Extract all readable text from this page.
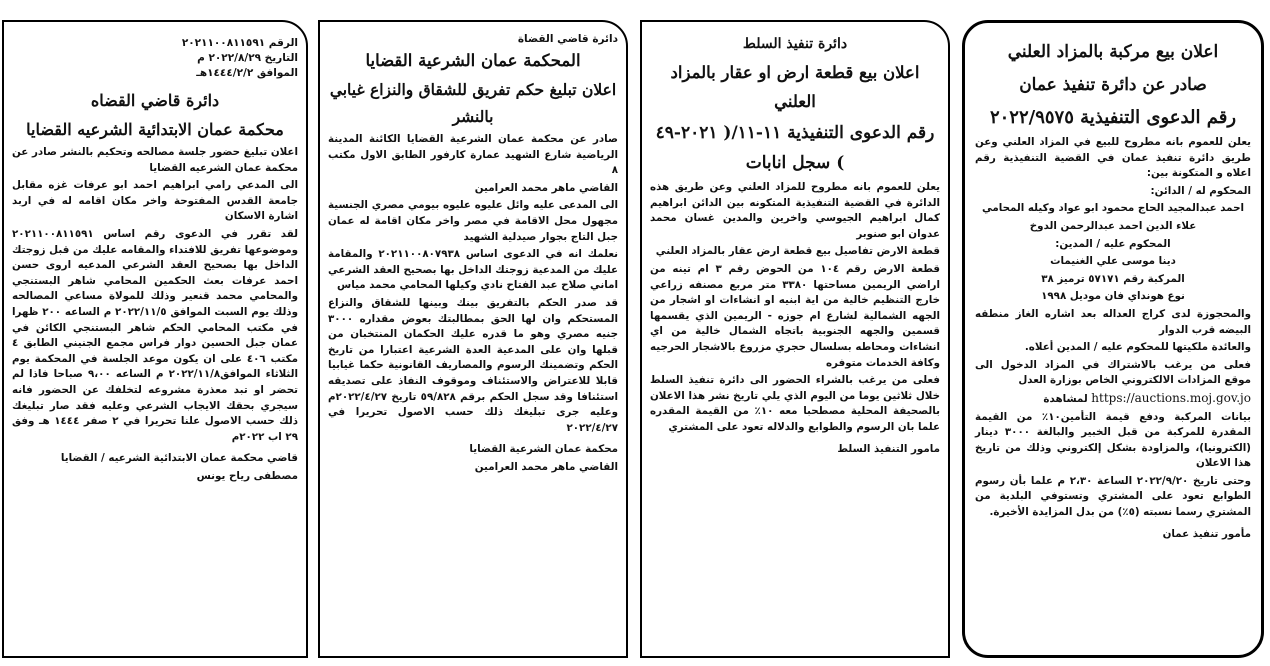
اعلان بيع مركبة بالمزاد العلني

صادر عن دائرة تنفيذ عمان

رقم الدعوى التنفيذية ٢٠٢٢/٩٥٧٥

يعلن للعموم بانه مطروح للبيع في المزاد العلني وعن طريق دائرة تنفيذ عمان في القضية التنفيذية رقم اعلاه و المتكونة بين:

المحكوم له / الدائن:

احمد عبدالمجيد الحاج محمود ابو عواد وكيله المحامي

علاء الدين احمد عبدالرحمن الدوخ

المحكوم عليه / المدين:

دينا موسى علي الغنيمات

المركبة رقم ٥٧١٧١ ترميز ٣٨

نوع هونداي فان موديل ١٩٩٨

والمحجوزة لدى كراج العداله بعد اشاره الغاز منطقه البيضه قرب الدوار

والعائدة ملكيتها للمحكوم عليه / المدين أعلاه.

فعلى من يرغب بالاشتراك في المزاد الدخول الى موقع المزادات الالكتروني الخاص بوزارة العدل

https://auctions.moj.gov.jo لمشاهدة

بيانات المركبة ودفع قيمة التأمين١٠٪ من القيمة المقدرة للمركبة من قبل الخبير والبالغة ٣٠٠٠ دينار (الكترونيا)، والمزاودة بشكل إلكتروني وذلك من تاريخ هذا الاعلان

وحتى تاريخ ٢٠٢٢/٩/٢٠ الساعة ٢،٣٠ م علما بأن رسوم الطوابع تعود على المشتري وتستوفي البلدية من المشتري رسما نسبته (٥٪) من بدل المزايدة الأخيرة.

مأمور تنفيذ عمان

دائرة تنفيذ السلط

اعلان بيع قطعة ارض او عقار بالمزاد العلني

رقم الدعوى التنفيذية ١١-١١/( ٢٠٢١-٤٩ ) سجل انابات

يعلن للعموم بانه مطروح للمزاد العلني وعن طريق هذه الدائرة في القضية التنفيذية المتكونه بين الدائن ابراهيم كمال ابراهيم الجيوسي واخرين والمدين غسان محمد عدوان ابو صنوبر

قطعة الارض تفاصيل بيع قطعة ارض عقار بالمزاد العلني

قطعة الارض رقم ١٠٤ من الحوض رقم ٣ ام تينه من اراضي الريمين مساحتها ٣٣٨٠ متر مربع مصنفه زراعي خارج التنظيم خالية من اية ابنيه او انشاءات او اشجار من الجهه الشمالية لشارع ام جوزه - الريمين الذي يقسمها قسمين والجهه الجنوبية باتجاه الشمال خالية من اي انشاءات ومحاطه بسلسال حجري مزروع بالاشجار الحرجيه وكافة الخدمات متوفره

فعلى من يرغب بالشراء الحضور الى دائرة تنفيذ السلط خلال ثلاثين يوما من اليوم الذي يلي تاريخ نشر هذا الاعلان بالصحيفة المحلية مصطحبا معه ١٠٪ من القيمة المقدره علما بان الرسوم والطوابع والدلاله تعود على المشتري

مامور التنفيذ السلط

دائرة قاضي القضاة

المحكمة عمان الشرعية القضايا

اعلان تبليغ حكم تفريق للشقاق والنزاع غيابي بالنشر

صادر عن محكمة عمان الشرعية القضايا الكائنة المدينة الرياضية شارع الشهيد عمارة كارفور الطابق الاول مكتب ٨

القاضي ماهر محمد العرامين

الى المدعى عليه وائل عليوه عليوه بيومي مصري الجنسية مجهول محل الاقامة في مصر واخر مكان اقامة له عمان جبل التاج بجوار صيدلية الشهيد

نعلمك انه في الدعوى اساس ٢٠٢١١٠٠٨٠٧٩٣٨ والمقامة عليك من المدعية زوجتك الداخل بها بصحيح العقد الشرعي اماني صلاح عبد الفتاح نادي وكيلها المحامي محمد مياس

قد صدر الحكم بالتفريق بينك وبينها للشقاق والنزاع المستحكم وان لها الحق بمطالبتك بعوض مقداره ٣٠٠٠ جنيه مصري وهو ما قدره عليك الحكمان المنتخبان من قبلها وان على المدعية العدة الشرعية اعتبارا من تاريخ الحكم وتضمينك الرسوم والمصاريف القانونية حكما غيابيا قابلا للاعتراض والاستئناف وموقوف النفاذ على تصديقه استئنافا وقد سجل الحكم برقم ٥٩/٨٢٨ تاريخ ٢٠٢٢/٤/٢٧م وعليه جرى تبليغك ذلك حسب الاصول تحريرا في ٢٠٢٢/٤/٢٧

محكمة عمان الشرعية القضايا

القاضي ماهر محمد العرامين

الرقم ٢٠٢١١٠٠٨١١٥٩١

التاريخ ٢٠٢٢/٨/٢٩ م

الموافق ١٤٤٤/٢/٢هـ

دائرة قاضي القضاه

محكمة عمان الابتدائية الشرعيه القضايا

اعلان تبليغ حضور جلسة مصالحه وتحكيم بالنشر صادر عن محكمة عمان الشرعيه القضايا

الى المدعي رامي ابراهيم احمد ابو عرفات غزه مقابل جامعة القدس المفتوحة واخر مكان اقامه له في اربد اشارة الاسكان

لقد تقرر في الدعوى رقم اساس ٢٠٢١١٠٠٨١١٥٩١ وموضوعها تفريق للافتداء والمقامه عليك من قبل زوجتك الداخل بها بصحيح العقد الشرعي المدعيه اروى حسن احمد عرفات بعث الحكمين المحامي شاهر البستنجي والمحامي محمد قنعير وذلك للمولاة مساعي المصالحه وذلك يوم السبت الموافق ٢٠٢٢/١١/٥ م الساعه ٢٠٠ ظهرا في مكتب المحامي الحكم شاهر البستنجي الكائن في عمان جبل الحسين دوار فراس مجمع الجنيني الطابق ٤ مكتب ٤٠٦ على ان يكون موعد الجلسة في المحكمة يوم الثلاثاء الموافق٢٠٢٢/١١/٨ م الساعه ٩،٠٠ صباحا فاذا لم تحضر او تبد معذرة مشروعه لتخلفك عن الحضور فانه سيجري بحقك الايجاب الشرعي وعليه فقد صار تبليغك ذلك حسب الاصول علنا تحريرا في ٢ صفر ١٤٤٤ هـ وفق ٢٩ اب ٢٠٢٢م

قاضي محكمة عمان الابتدائية الشرعيه / القضايا

مصطفى رياح يونس
